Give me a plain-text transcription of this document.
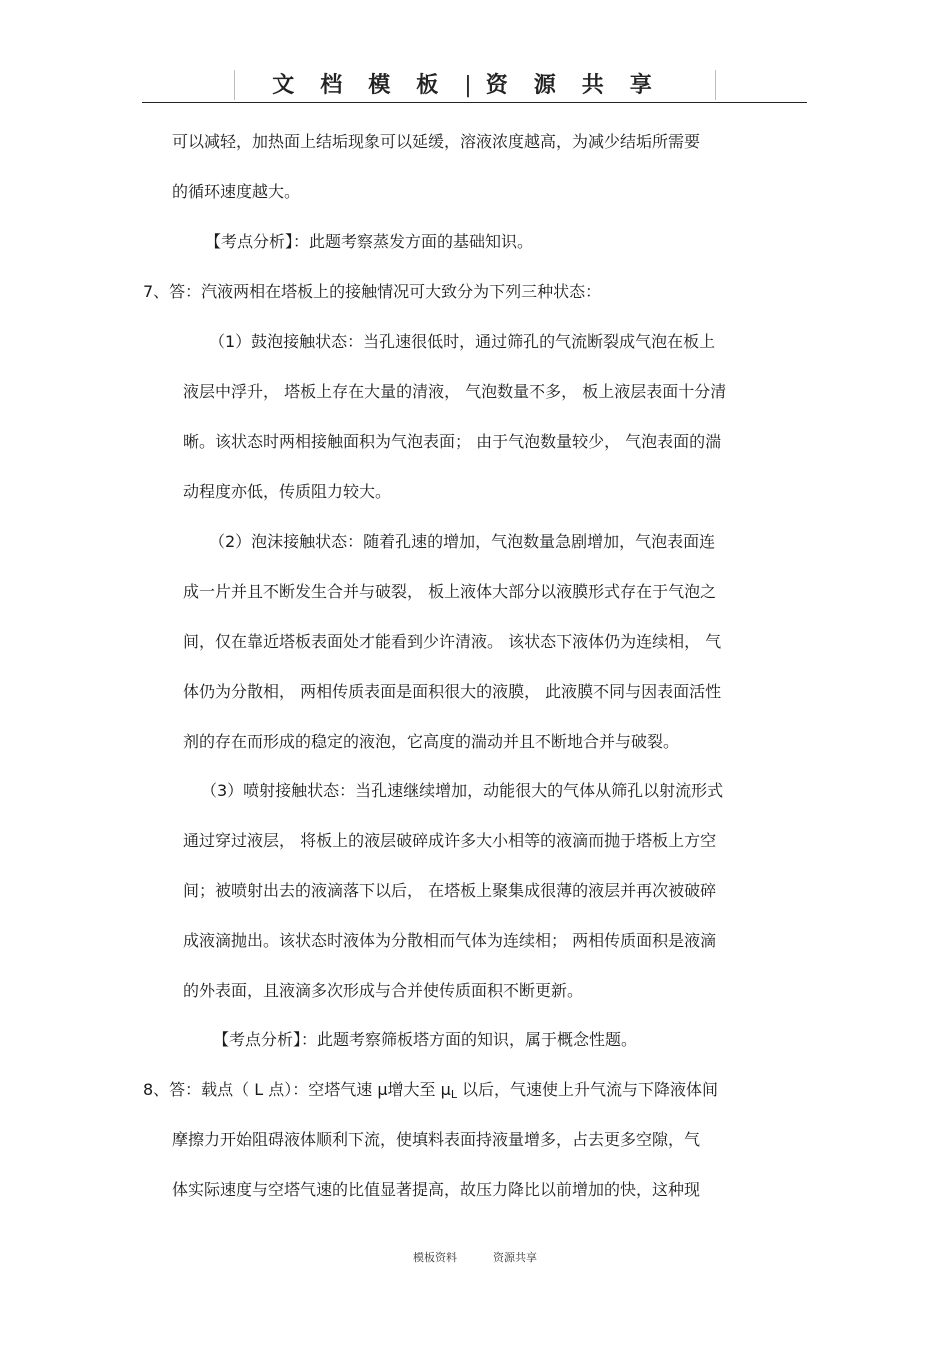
文档模板| 资源共享
可以减轻，加热面上结垢现象可以延缓，溶液浓度越高，为减少结垢所需要
的循环速度越大。
【考点分析】：此题考察蒸发方面的基础知识。
7、答：汽液两相在塔板上的接触情况可大致分为下列三种状态：
（1）鼓泡接触状态：当孔速很低时，通过筛孔的气流断裂成气泡在板上
液层中浮升， 塔板上存在大量的清液， 气泡数量不多， 板上液层表面十分清
晰。该状态时两相接触面积为气泡表面； 由于气泡数量较少， 气泡表面的湍
动程度亦低，传质阻力较大。
（2）泡沫接触状态：随着孔速的增加，气泡数量急剧增加，气泡表面连
成一片并且不断发生合并与破裂， 板上液体大部分以液膜形式存在于气泡之
间，仅在靠近塔板表面处才能看到少许清液。 该状态下液体仍为连续相， 气
体仍为分散相， 两相传质表面是面积很大的液膜， 此液膜不同与因表面活性
剂的存在而形成的稳定的液泡，它高度的湍动并且不断地合并与破裂。
（3）喷射接触状态：当孔速继续增加，动能很大的气体从筛孔以射流形式
通过穿过液层， 将板上的液层破碎成许多大小相等的液滴而抛于塔板上方空
间；被喷射出去的液滴落下以后， 在塔板上聚集成很薄的液层并再次被破碎
成液滴抛出。该状态时液体为分散相而气体为连续相； 两相传质面积是液滴
的外表面，且液滴多次形成与合并使传质面积不断更新。
【考点分析】：此题考察筛板塔方面的知识，属于概念性题。
8、答：载点（ L 点）：空塔气速 μ增大至 $\mu_L$ 以后，气速使上升气流与下降液体间
摩擦力开始阻碍液体顺利下流，使填料表面持液量增多，占去更多空隙，气
体实际速度与空塔气速的比值显著提高，故压力降比以前增加的快，这种现
模板资料	资源共享
